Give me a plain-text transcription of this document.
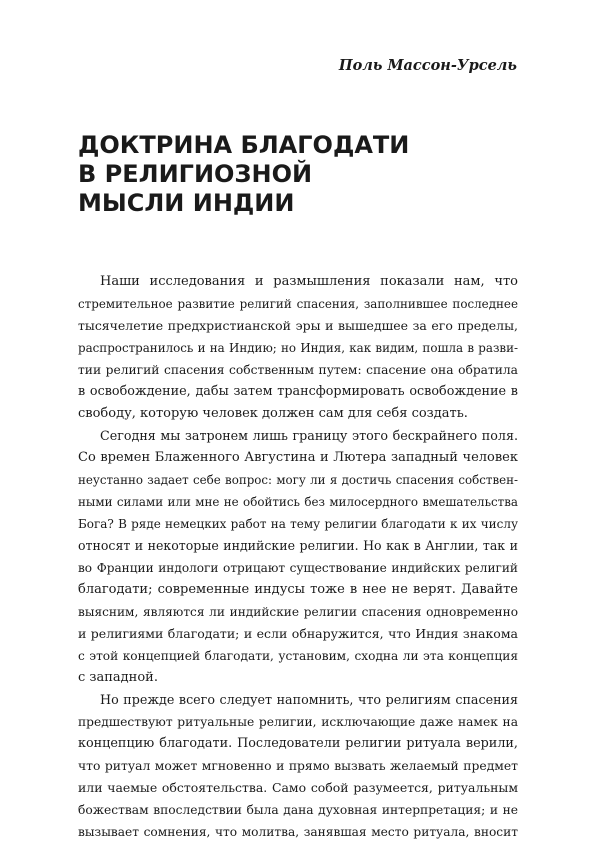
Поль Массон-Урсель

ДОКТРИНА БЛАГОДАТИ
В РЕЛИГИОЗНОЙ
МЫСЛИ ИНДИИ

Наши исследования и размышления показали нам, что
стремительное развитие религий спасения, заполнившее последнее
тысячелетие предхристианской эры и вышедшее за его пределы,
распространилось и на Индию; но Индия, как видим, пошла в разви-
тии религий спасения собственным путем: спасение она обратила
в освобождение, дабы затем трансформировать освобождение в
свободу, которую человек должен сам для себя создать.

Сегодня мы затронем лишь границу этого бескрайнего поля.
Со времен Блаженного Августина и Лютера западный человек
неустанно задает себе вопрос: могу ли я достичь спасения собствен-
ными силами или мне не обойтись без милосердного вмешательства
Бога? В ряде немецких работ на тему религии благодати к их числу
относят и некоторые индийские религии. Но как в Англии, так и
во Франции индологи отрицают существование индийских религий
благодати; современные индусы тоже в нее не верят. Давайте
выясним, являются ли индийские религии спасения одновременно
и религиями благодати; и если обнаружится, что Индия знакома
с этой концепцией благодати, установим, сходна ли эта концепция
с западной.

Но прежде всего следует напомнить, что религиям спасения
предшествуют ритуальные религии, исключающие даже намек на
концепцию благодати. Последователи религии ритуала верили,
что ритуал может мгновенно и прямо вызвать желаемый предмет
или чаемые обстоятельства. Само собой разумеется, ритуальным
божествам впоследствии была дана духовная интерпретация; и не
вызывает сомнения, что молитва, занявшая место ритуала, вносит
